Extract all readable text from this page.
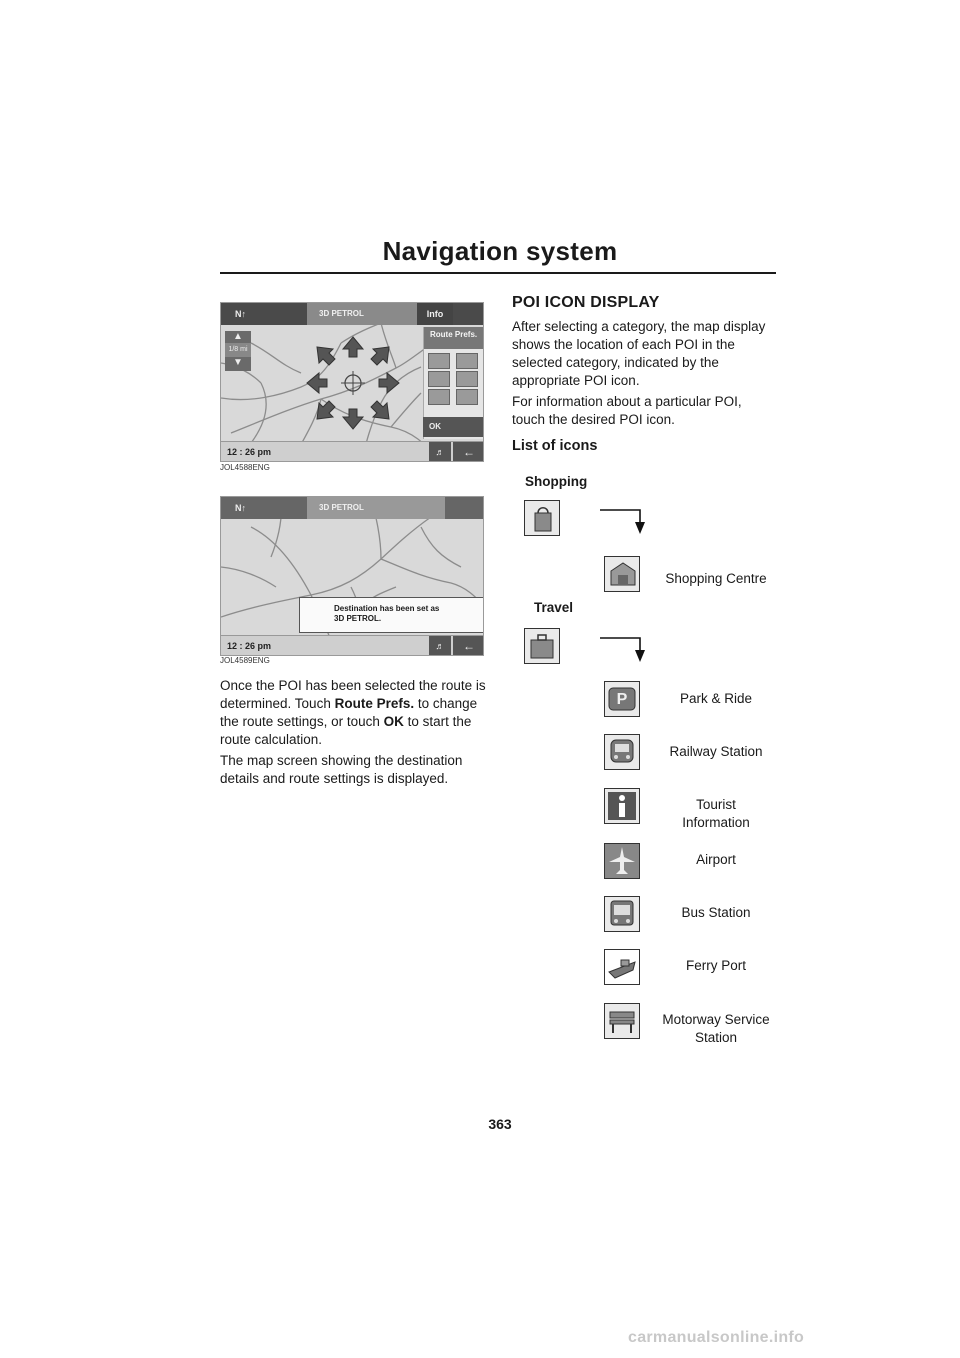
Navigation system
N↑	3D PETROL	Info
▲
1/8 mi
▼
Route Prefs.
OK
12 : 26 pm	♬	←
JOL4588ENG
N↑	3D PETROL
Destination has been set as
3D PETROL.
12 : 26 pm	♬	←
JOL4589ENG
Once the POI has been selected the route is determined. Touch Route Prefs. to change the route settings, or touch OK to start the route calculation.
The map screen showing the destination details and route settings is displayed.
POI ICON DISPLAY
After selecting a category, the map display shows the location of each POI in the selected category, indicated by the appropriate POI icon.
For information about a particular POI, touch the desired POI icon.
List of icons
Shopping
Shopping Centre
Travel
P	Park & Ride
Railway Station
Tourist
Information
Airport
Bus Station
Ferry Port
Motorway Service
Station
363
carmanualsonline.info
